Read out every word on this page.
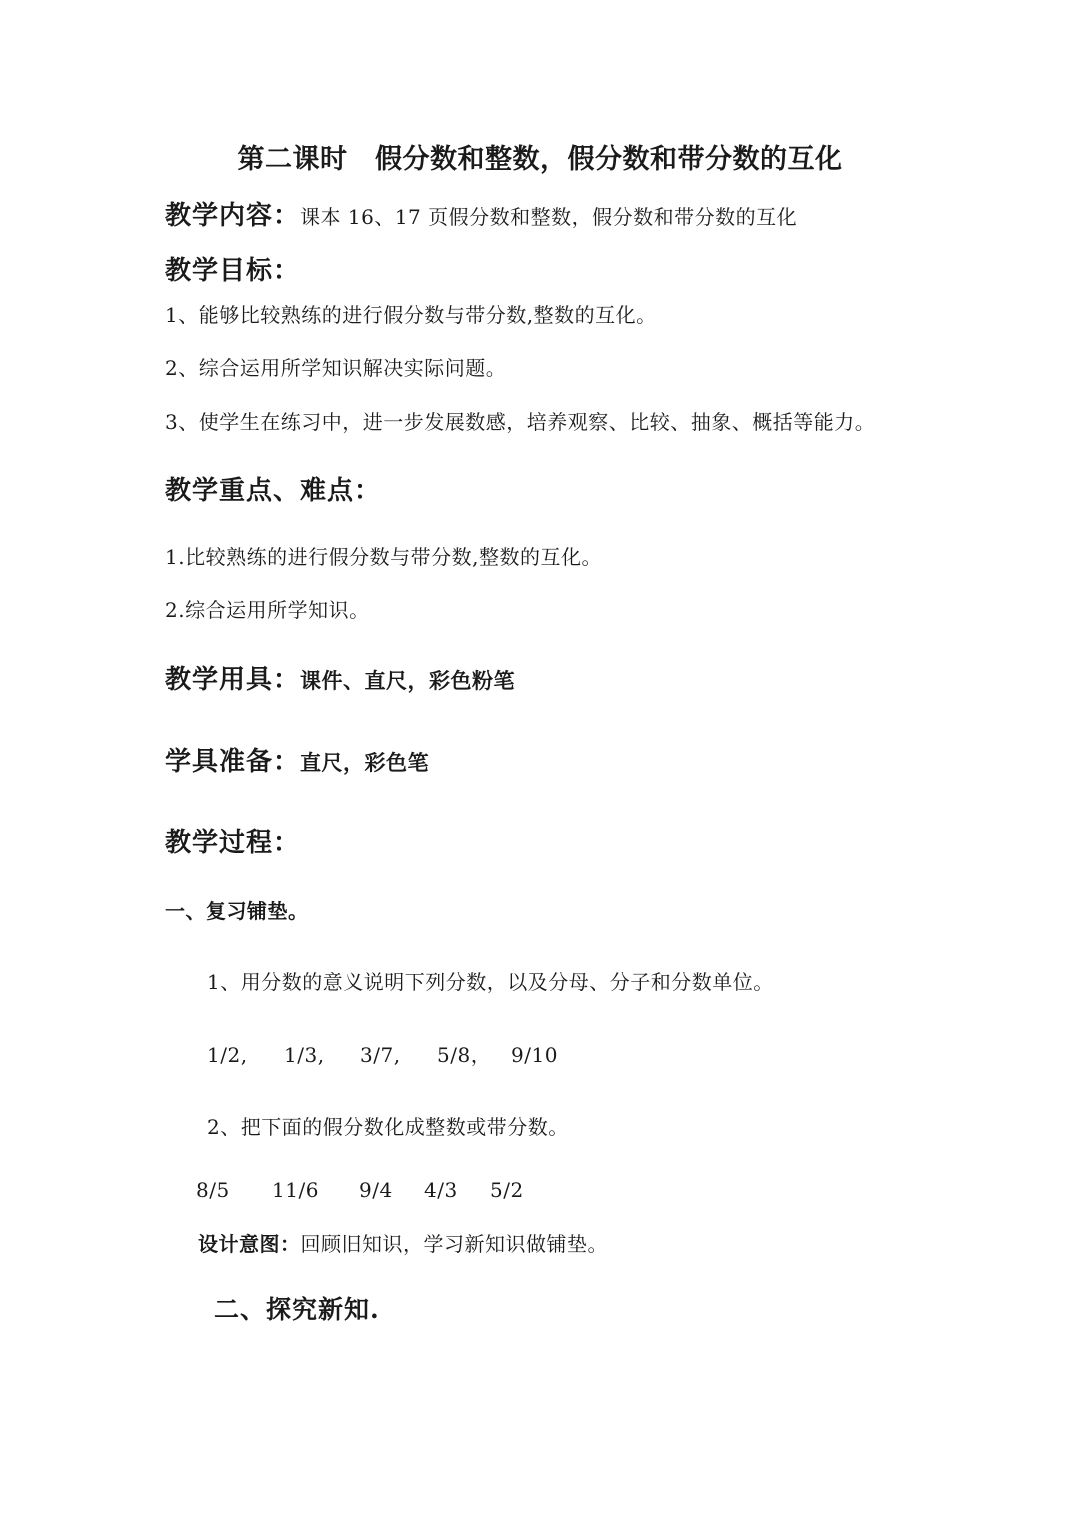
第二课时　假分数和整数，假分数和带分数的互化
教学内容：课本 16、17 页假分数和整数，假分数和带分数的互化
教学目标：
1、能够比较熟练的进行假分数与带分数,整数的互化。
2、综合运用所学知识解决实际问题。
3、使学生在练习中，进一步发展数感，培养观察、比较、抽象、概括等能力。
教学重点、难点：
1.比较熟练的进行假分数与带分数,整数的互化。
2.综合运用所学知识。
教学用具：课件、直尺，彩色粉笔
学具准备：直尺，彩色笔
教学过程：
一、复习铺垫。
1、用分数的意义说明下列分数，以及分母、分子和分数单位。
1/2, 1/3, 3/7, 5/8， 9/10
2、把下面的假分数化成整数或带分数。
8/5 11/6 9/4 4/3 5/2
设计意图：回顾旧知识，学习新知识做铺垫。
二、探究新知.
